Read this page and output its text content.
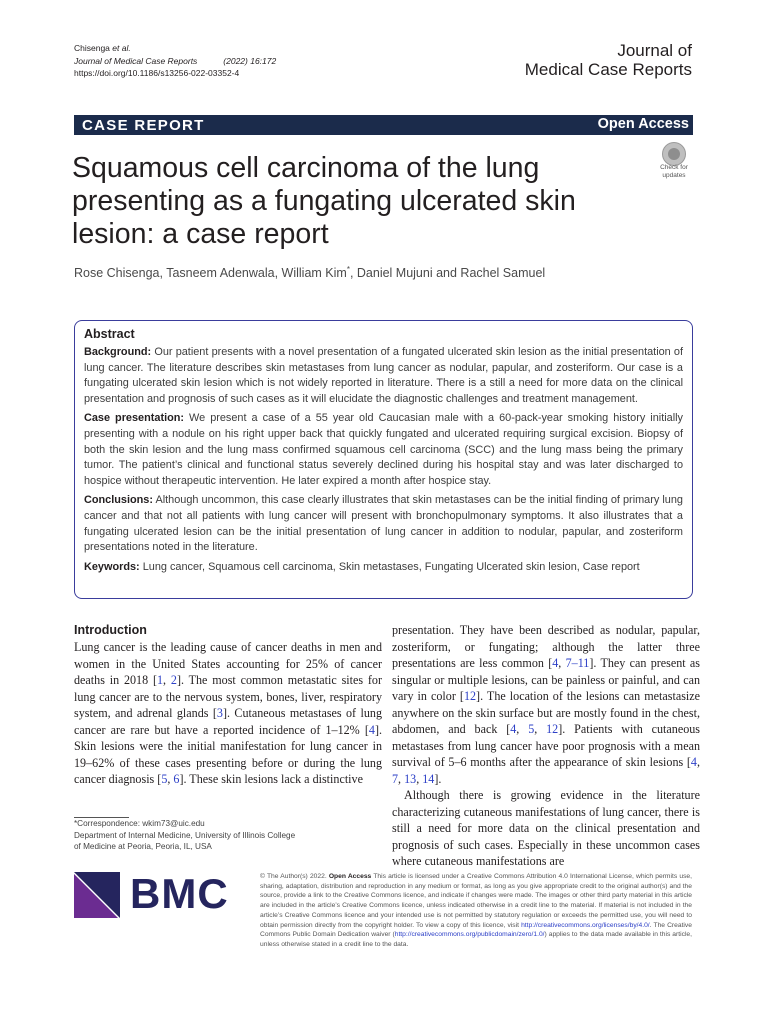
Chisenga et al.
Journal of Medical Case Reports	(2022) 16:172
https://doi.org/10.1186/s13256-022-03352-4
Journal of
Medical Case Reports
CASE REPORT	Open Access
Squamous cell carcinoma of the lung presenting as a fungating ulcerated skin lesion: a case report
Check for
updates
Rose Chisenga, Tasneem Adenwala, William Kim*, Daniel Mujuni and Rachel Samuel
Abstract

Background: Our patient presents with a novel presentation of a fungated ulcerated skin lesion as the initial presentation of lung cancer. The literature describes skin metastases from lung cancer as nodular, papular, and zosteriform. Our case is a fungating ulcerated skin lesion which is not widely reported in literature. There is a still a need for more data on the clinical presentation and prognosis of such cases as it will elucidate the diagnostic challenges and treatment management.

Case presentation: We present a case of a 55 year old Caucasian male with a 60-pack-year smoking history initially presenting with a nodule on his right upper back that quickly fungated and ulcerated requiring surgical excision. Biopsy of both the skin lesion and the lung mass confirmed squamous cell carcinoma (SCC) and the lung mass being the primary tumor. The patient’s clinical and functional status severely declined during his hospital stay and was later discharged to hospice without therapeutic intervention. He later expired a month after hospice stay.

Conclusions: Although uncommon, this case clearly illustrates that skin metastases can be the initial finding of primary lung cancer and that not all patients with lung cancer will present with bronchopulmonary symptoms. It also illustrates that a fungating ulcerated lesion can be the initial presentation of lung cancer in addition to nodular, papular, and zosteriform presentations noted in the literature.

Keywords: Lung cancer, Squamous cell carcinoma, Skin metastases, Fungating Ulcerated skin lesion, Case report

Introduction

Lung cancer is the leading cause of cancer deaths in men and women in the United States accounting for 25% of cancer deaths in 2018 [1, 2]. The most common metastatic sites for lung cancer are to the nervous system, bones, liver, respiratory system, and adrenal glands [3]. Cutaneous metastases of lung cancer are rare but have a reported incidence of 1–12% [4]. Skin lesions were the initial manifestation for lung cancer in 19–62% of these cases presenting before or during the lung cancer diagnosis [5, 6]. These skin lesions lack a distinctive

presentation. They have been described as nodular, papular, zosteriform, or fungating; although the latter three presentations are less common [4, 7–11]. They can present as singular or multiple lesions, can be painless or painful, and can vary in color [12]. The location of the lesions can metastasize anywhere on the skin surface but are mostly found in the chest, abdomen, and back [4, 5, 12]. Patients with cutaneous metastases from lung cancer have poor prognosis with a mean survival of 5–6 months after the appearance of skin lesions [4, 7, 13, 14].

Although there is growing evidence in the literature characterizing cutaneous manifestations of lung cancer, there is still a need for more data on the clinical presentation and prognosis of such cases. Especially in these uncommon cases where cutaneous manifestations are

*Correspondence: wkim73@uic.edu
Department of Internal Medicine, University of Illinois College
of Medicine at Peoria, Peoria, IL, USA
BMC	© The Author(s) 2022. Open Access This article is licensed under a Creative Commons Attribution 4.0 International License, which permits use, sharing, adaptation, distribution and reproduction in any medium or format, as long as you give appropriate credit to the original author(s) and the source, provide a link to the Creative Commons licence, and indicate if changes were made. The images or other third party material in this article are included in the article’s Creative Commons licence, unless indicated otherwise in a credit line to the material. If material is not included in the article’s Creative Commons licence and your intended use is not permitted by statutory regulation or exceeds the permitted use, you will need to obtain permission directly from the copyright holder. To view a copy of this licence, visit http://creativecommons.org/licenses/by/4.0/. The Creative Commons Public Domain Dedication waiver (http://creativecommons.org/publicdomain/zero/1.0/) applies to the data made available in this article, unless otherwise stated in a credit line to the data.
